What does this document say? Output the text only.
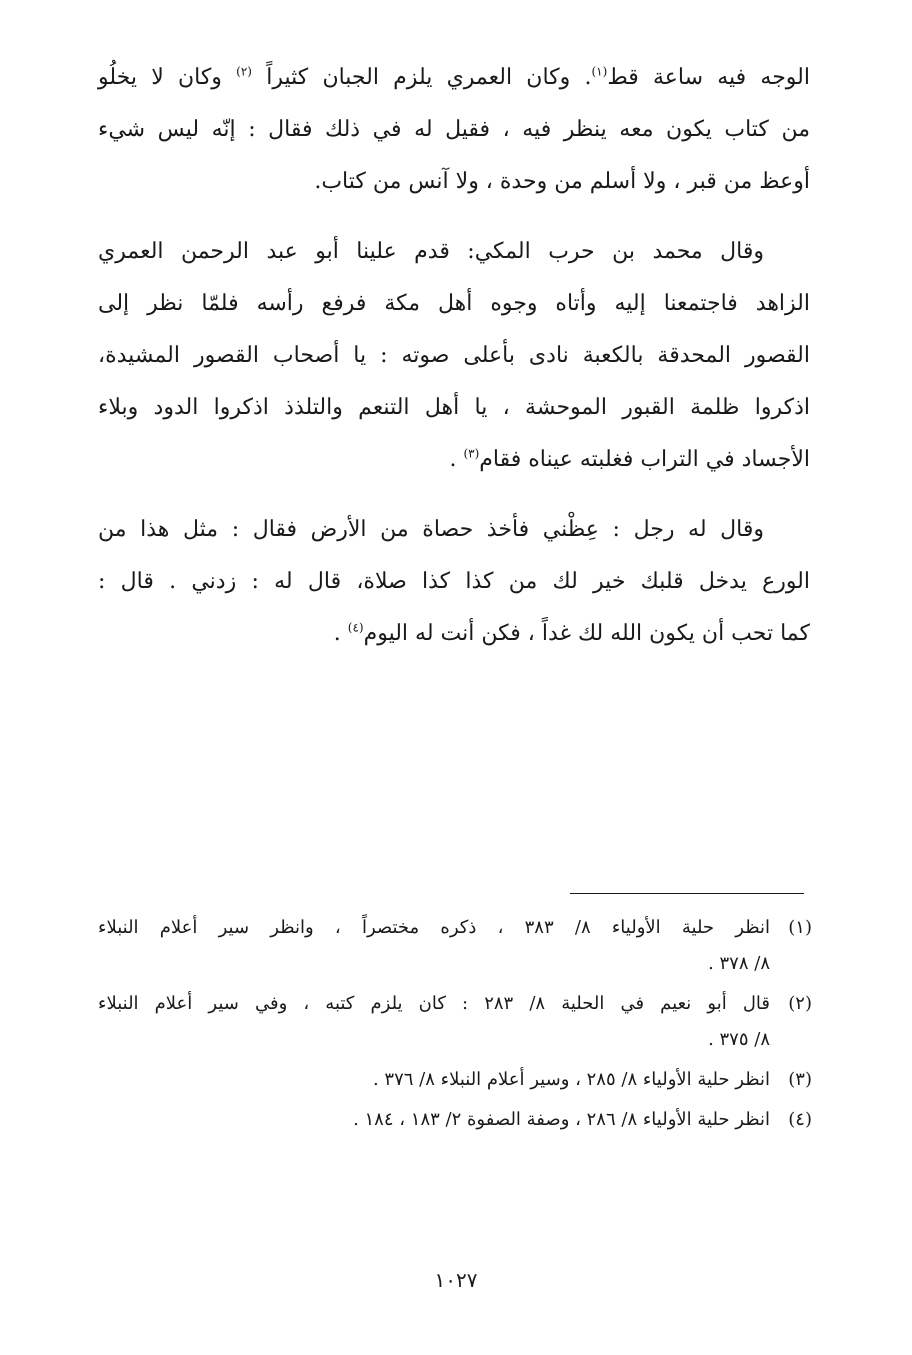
الوجه فيه ساعة قط$^{(١)}$. وكان العمري يلزم الجبان كثيراً $^{(٢)}$ وكان لا يخلُو
من كتاب يكون معه ينظر فيه ، فقيل له في ذلك فقال : إنّه ليس شيء
أوعظ من قبر ، ولا أسلم من وحدة ، ولا آنس من كتاب.

وقال محمد بن حرب المكي: قدم علينا أبو عبد الرحمن العمري
الزاهد فاجتمعنا إليه وأتاه وجوه أهل مكة فرفع رأسه فلمّا نظر إلى
القصور المحدقة بالكعبة نادى بأعلى صوته : يا أصحاب القصور المشيدة،
اذكروا ظلمة القبور الموحشة ، يا أهل التنعم والتلذذ اذكروا الدود وبلاء
الأجساد في التراب فغلبته عيناه فقام$^{(٣)}$ .

وقال له رجل : عِظْني فأخذ حصاة من الأرض فقال : مثل هذا من
الورع يدخل قلبك خير لك من كذا كذا صلاة، قال له : زدني . قال :
كما تحب أن يكون الله لك غداً ، فكن أنت له اليوم$^{(٤)}$ .

(١)
انظر حلية الأولياء ٨/ ٣٨٣ ، ذكره مختصراً ، وانظر سير أعلام النبلاء
٨/ ٣٧٨ .
(٢)
قال أبو نعيم في الحلية ٨/ ٢٨٣ : كان يلزم كتبه ، وفي سير أعلام النبلاء
٨/ ٣٧٥ .
(٣)
انظر حلية الأولياء ٨/ ٢٨٥ ، وسير أعلام النبلاء ٨/ ٣٧٦ .
(٤)
انظر حلية الأولياء ٨/ ٢٨٦ ، وصفة الصفوة ٢/ ١٨٣ ، ١٨٤ .
١٠٢٧
